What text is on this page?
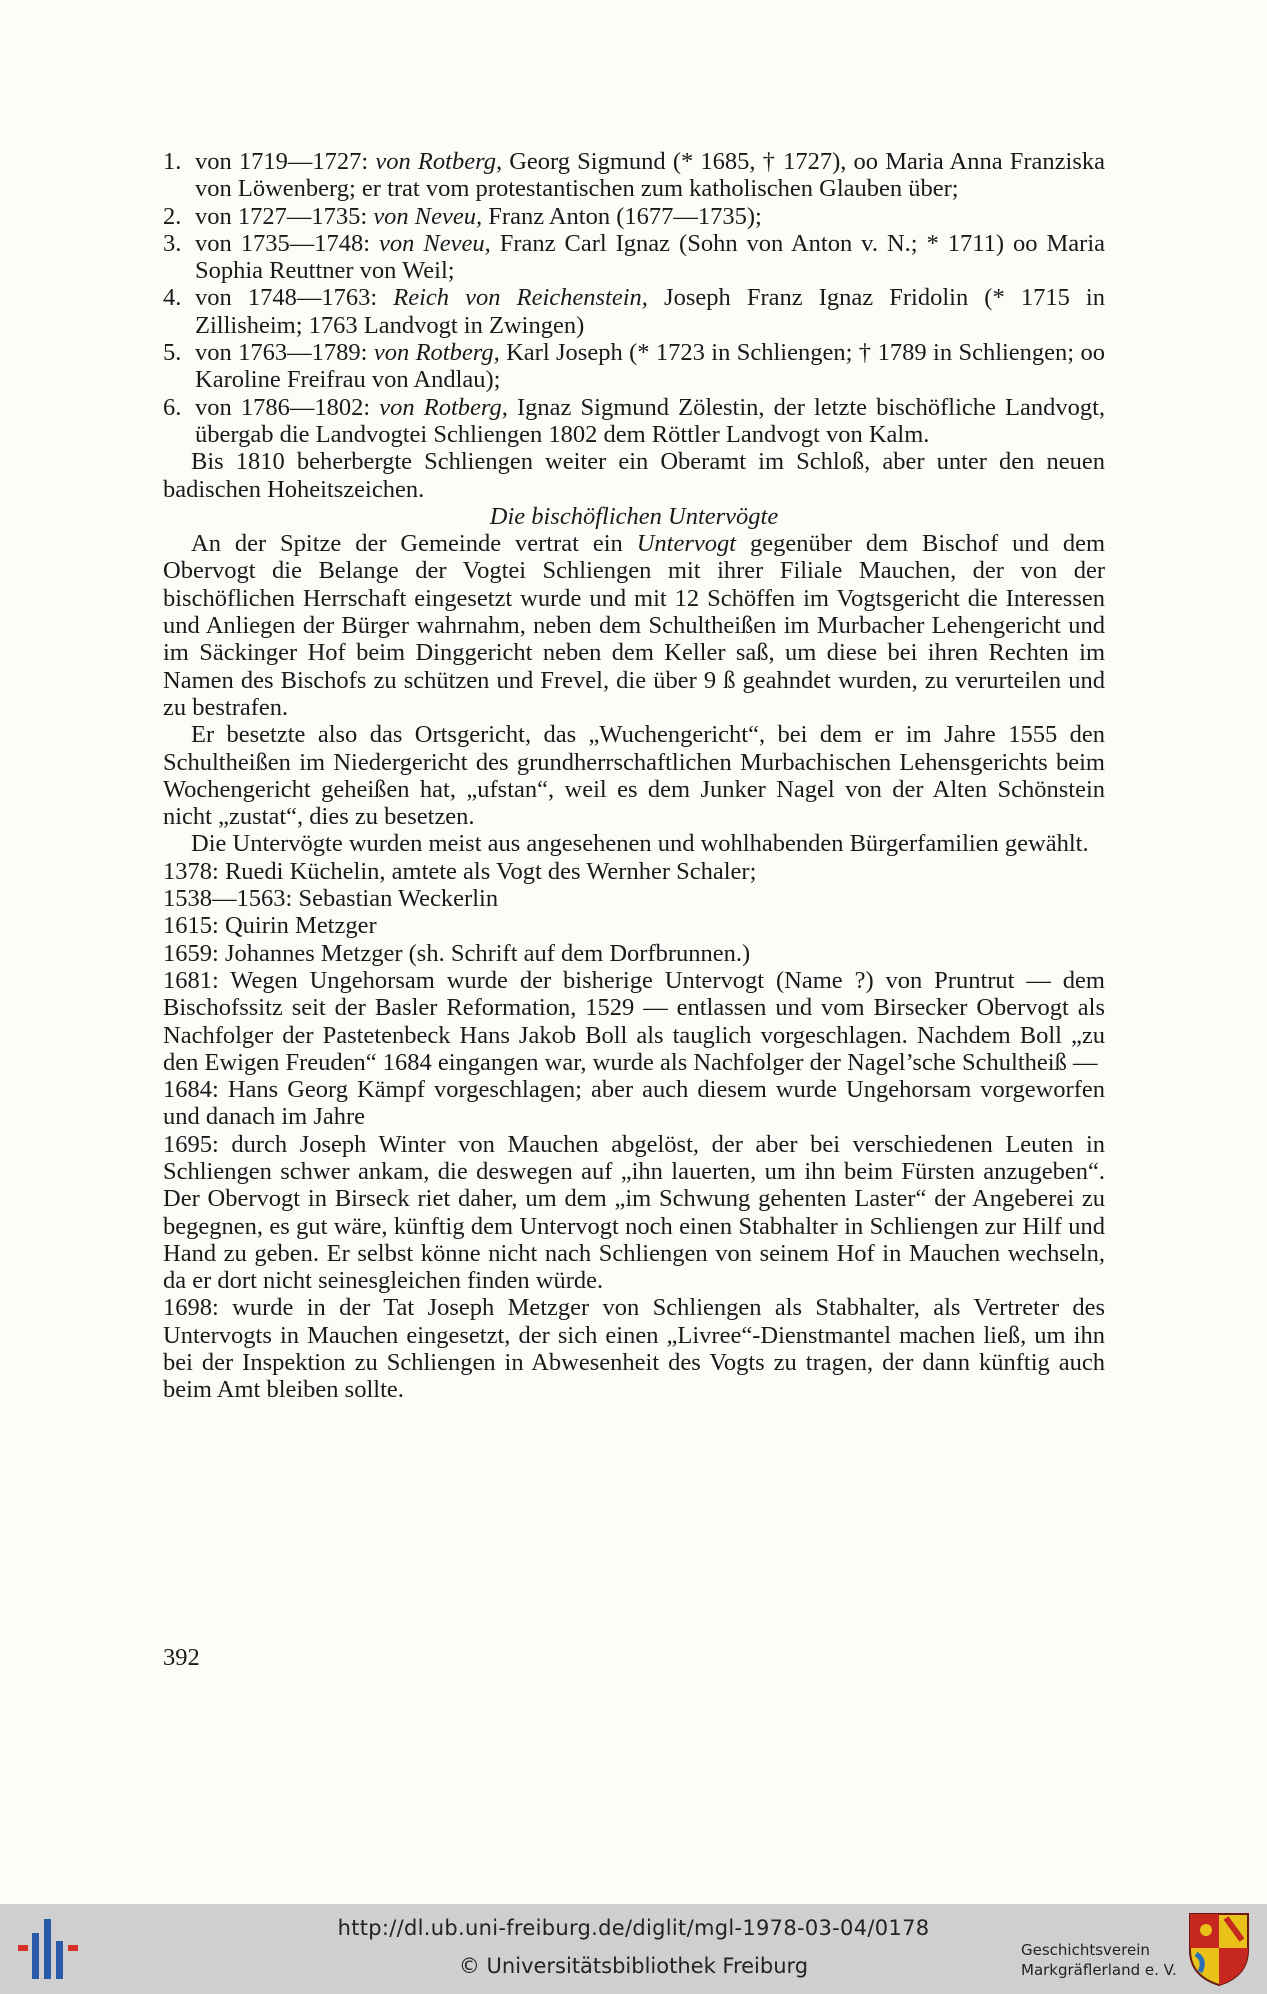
1. von 1719—1727: von Rotberg, Georg Sigmund (* 1685, † 1727), oo Maria Anna Franziska von Löwenberg; er trat vom protestantischen zum katholischen Glauben über;
2. von 1727—1735: von Neveu, Franz Anton (1677—1735);
3. von 1735—1748: von Neveu, Franz Carl Ignaz (Sohn von Anton v. N.; * 1711) oo Maria Sophia Reuttner von Weil;
4. von 1748—1763: Reich von Reichenstein, Joseph Franz Ignaz Fridolin (* 1715 in Zillisheim; 1763 Landvogt in Zwingen)
5. von 1763—1789: von Rotberg, Karl Joseph (* 1723 in Schliengen; † 1789 in Schliengen; oo Karoline Freifrau von Andlau);
6. von 1786—1802: von Rotberg, Ignaz Sigmund Zölestin, der letzte bischöfliche Landvogt, übergab die Landvogtei Schliengen 1802 dem Röttler Landvogt von Kalm.

Bis 1810 beherbergte Schliengen weiter ein Oberamt im Schloß, aber unter den neuen badischen Hoheitszeichen.

Die bischöflichen Untervögte

An der Spitze der Gemeinde vertrat ein Untervogt gegenüber dem Bischof und dem Obervogt die Belange der Vogtei Schliengen mit ihrer Filiale Mauchen, der von der bischöflichen Herrschaft eingesetzt wurde und mit 12 Schöffen im Vogtsgericht die Interessen und Anliegen der Bürger wahrnahm, neben dem Schultheißen im Murbacher Lehengericht und im Säckinger Hof beim Dinggericht neben dem Keller saß, um diese bei ihren Rechten im Namen des Bischofs zu schützen und Frevel, die über 9 ß geahndet wurden, zu verurteilen und zu bestrafen.

Er besetzte also das Ortsgericht, das „Wuchengericht“, bei dem er im Jahre 1555 den Schultheißen im Niedergericht des grundherrschaftlichen Murbachischen Lehensgerichts beim Wochengericht geheißen hat, „ufstan“, weil es dem Junker Nagel von der Alten Schönstein nicht „zustat“, dies zu besetzen.

Die Untervögte wurden meist aus angesehenen und wohlhabenden Bürgerfamilien gewählt.

1378: Ruedi Küchelin, amtete als Vogt des Wernher Schaler;

1538—1563: Sebastian Weckerlin

1615: Quirin Metzger

1659: Johannes Metzger (sh. Schrift auf dem Dorfbrunnen.)

1681: Wegen Ungehorsam wurde der bisherige Untervogt (Name ?) von Pruntrut — dem Bischofssitz seit der Basler Reformation, 1529 — entlassen und vom Birsecker Obervogt als Nachfolger der Pastetenbeck Hans Jakob Boll als tauglich vorgeschlagen. Nachdem Boll „zu den Ewigen Freuden“ 1684 eingangen war, wurde als Nachfolger der Nagel’sche Schultheiß —

1684: Hans Georg Kämpf vorgeschlagen; aber auch diesem wurde Ungehorsam vorgeworfen und danach im Jahre

1695: durch Joseph Winter von Mauchen abgelöst, der aber bei verschiedenen Leuten in Schliengen schwer ankam, die deswegen auf „ihn lauerten, um ihn beim Fürsten anzugeben“. Der Obervogt in Birseck riet daher, um dem „im Schwung gehenten Laster“ der Angeberei zu begegnen, es gut wäre, künftig dem Untervogt noch einen Stabhalter in Schliengen zur Hilf und Hand zu geben. Er selbst könne nicht nach Schliengen von seinem Hof in Mauchen wechseln, da er dort nicht seinesgleichen finden würde.

1698: wurde in der Tat Joseph Metzger von Schliengen als Stabhalter, als Vertreter des Untervogts in Mauchen eingesetzt, der sich einen „Livree“-Dienstmantel machen ließ, um ihn bei der Inspektion zu Schliengen in Abwesenheit des Vogts zu tragen, der dann künftig auch beim Amt bleiben sollte.

392
http://dl.ub.uni-freiburg.de/diglit/mgl-1978-03-04/0178
© Universitätsbibliothek Freiburg
Geschichtsverein
Markgräflerland e. V.
